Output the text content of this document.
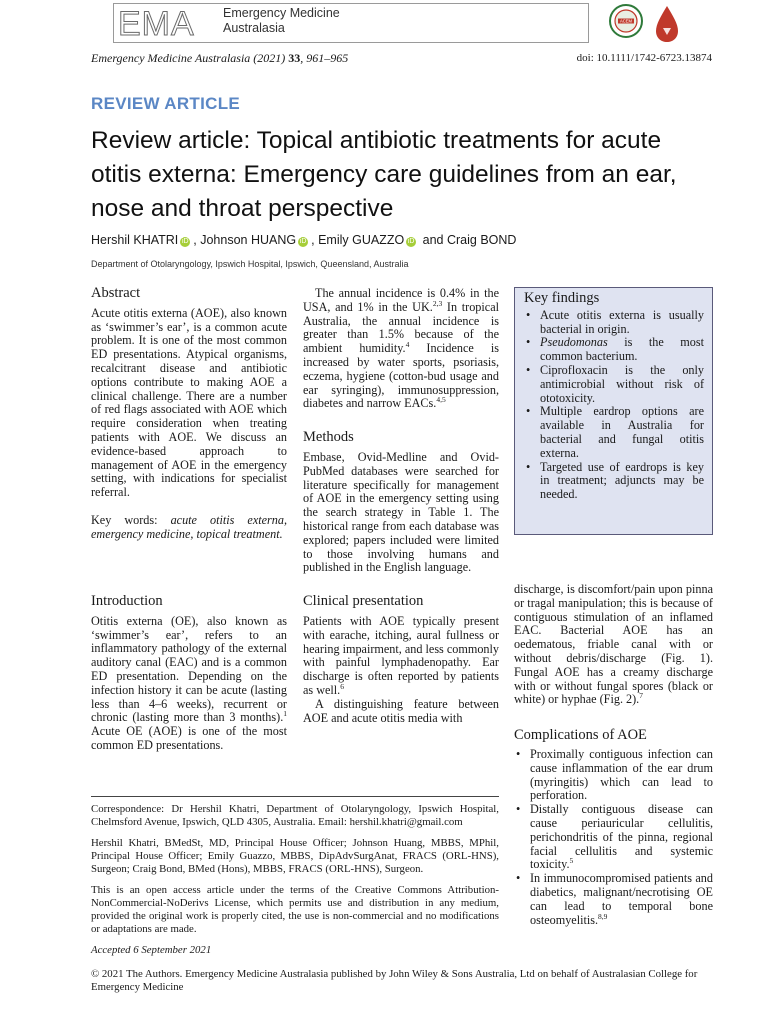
EMA Emergency Medicine
Australasia	ACEM
Emergency Medicine Australasia (2021) 33, 961–965	doi: 10.1111/1742-6723.13874
REVIEW ARTICLE
Review article: Topical antibiotic treatments for acute otitis externa: Emergency care guidelines from an ear, nose and throat perspective
Hershil KHATRI iD , Johnson HUANG iD , Emily GUAZZO iD and Craig BOND
Department of Otolaryngology, Ipswich Hospital, Ipswich, Queensland, Australia
Abstract

Acute otitis externa (AOE), also known as ‘swimmer’s ear’, is a common acute problem. It is one of the most common ED presentations. Atypical organisms, recalcitrant disease and antibiotic options contribute to making AOE a clinical challenge. There are a number of red flags associated with AOE which require consideration when treating patients with AOE. We discuss an evidence-based approach to management of AOE in the emergency setting, with indications for specialist referral.

Key words: acute otitis externa, emergency medicine, topical treatment.

Introduction

Otitis externa (OE), also known as ‘swimmer’s ear’, refers to an inflammatory pathology of the external auditory canal (EAC) and is a common ED presentation. Depending on the infection history it can be acute (lasting less than 4–6 weeks), recurrent or chronic (lasting more than 3 months).$^1$ Acute OE (AOE) is one of the most common ED presentations.

The annual incidence is 0.4% in the USA, and 1% in the UK.$^{2,3}$ In tropical Australia, the annual incidence is greater than 1.5% because of the ambient humidity.$^4$ Incidence is increased by water sports, psoriasis, eczema, hygiene (cotton-bud usage and ear syringing), immunosuppression, diabetes and narrow EACs.$^{4,5}$

Methods

Embase, Ovid-Medline and Ovid-PubMed databases were searched for literature specifically for management of AOE in the emergency setting using the search strategy in Table 1. The historical range from each database was explored; papers included were limited to those involving humans and published in the English language.

Clinical presentation

Patients with AOE typically present with earache, itching, aural fullness or hearing impairment, and less commonly with painful lymphadenopathy. Ear discharge is often reported by patients as well.$^6$

A distinguishing feature between AOE and acute otitis media with

Key findings

• Acute otitis externa is usually bacterial in origin.

• Pseudomonas is the most common bacterium.

• Ciprofloxacin is the only antimicrobial without risk of ototoxicity.

• Multiple eardrop options are available in Australia for bacterial and fungal otitis externa.

• Targeted use of eardrops is key in treatment; adjuncts may be needed.

discharge, is discomfort/pain upon pinna or tragal manipulation; this is because of contiguous stimulation of an inflamed EAC. Bacterial AOE has an oedematous, friable canal with or without debris/discharge (Fig. 1). Fungal AOE has a creamy discharge with or without fungal spores (black or white) or hyphae (Fig. 2).$^7$

Complications of AOE

• Proximally contiguous infection can cause inflammation of the ear drum (myringitis) which can lead to perforation.

• Distally contiguous disease can cause periauricular cellulitis, perichondritis of the pinna, regional facial cellulitis and systemic toxicity.$^5$

• In immunocompromised patients and diabetics, malignant/necrotising OE can lead to temporal bone osteomyelitis.$^{8,9}$

Correspondence: Dr Hershil Khatri, Department of Otolaryngology, Ipswich Hospital, Chelmsford Avenue, Ipswich, QLD 4305, Australia. Email: hershil.khatri@gmail.com

Hershil Khatri, BMedSt, MD, Principal House Officer; Johnson Huang, MBBS, MPhil, Principal House Officer; Emily Guazzo, MBBS, DipAdvSurgAnat, FRACS (ORL-HNS), Surgeon; Craig Bond, BMed (Hons), MBBS, FRACS (ORL-HNS), Surgeon.

This is an open access article under the terms of the Creative Commons Attribution-NonCommercial-NoDerivs License, which permits use and distribution in any medium, provided the original work is properly cited, the use is non-commercial and no modifications or adaptations are made.

Accepted 6 September 2021

© 2021 The Authors. Emergency Medicine Australasia published by John Wiley & Sons Australia, Ltd on behalf of Australasian College for Emergency Medicine
